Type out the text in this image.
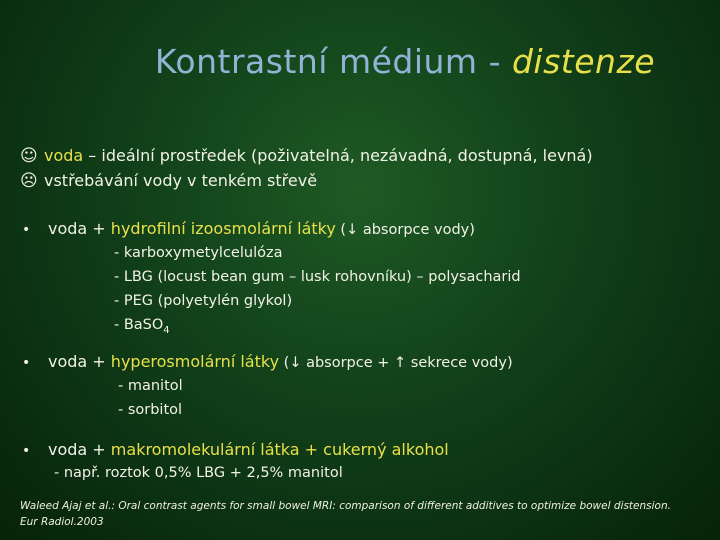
Kontrastní médium - distenze
☺ voda – ideální prostředek (poživatelná, nezávadná, dostupná, levná)
☹ vstřebávání vody v tenkém střevě
• voda + hydrofilní izoosmolární látky (↓ absorpce vody)
- karboxymetylcelulóza
- LBG (locust bean gum – lusk rohovníku) – polysacharid
- PEG (polyetylén glykol)
- BaSO$_4$
• voda + hyperosmolární látky (↓ absorpce + ↑ sekrece vody)
- manitol
- sorbitol
• voda + makromolekulární látka + cukerný alkohol
- např. roztok 0,5% LBG + 2,5% manitol
Waleed Ajaj et al.: Oral contrast agents for small bowel MRI: comparison of different additives to optimize bowel distension.
Eur Radiol.2003
